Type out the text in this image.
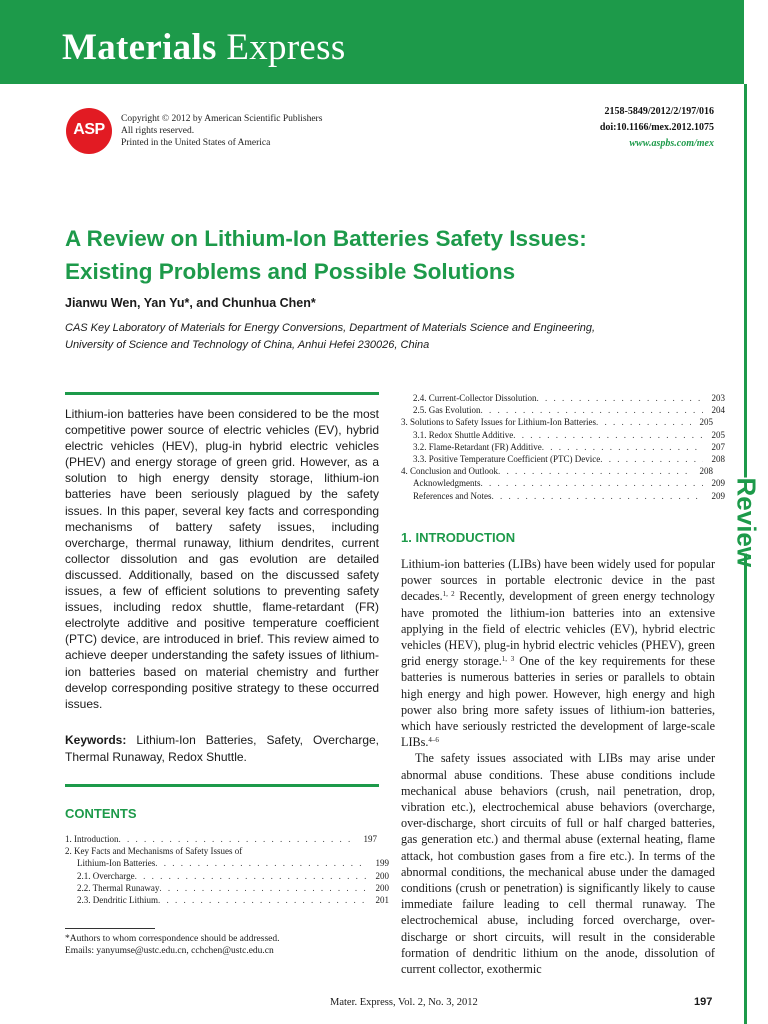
Materials Express
Review
ASP
Copyright © 2012 by American Scientific Publishers
All rights reserved.
Printed in the United States of America
2158-5849/2012/2/197/016
doi:10.1166/mex.2012.1075
www.aspbs.com/mex
A Review on Lithium-Ion Batteries Safety Issues:
Existing Problems and Possible Solutions
Jianwu Wen, Yan Yu*, and Chunhua Chen*
CAS Key Laboratory of Materials for Energy Conversions, Department of Materials Science and Engineering,
University of Science and Technology of China, Anhui Hefei 230026, China
Lithium-ion batteries have been considered to be the most competitive power source of electric vehicles (EV), hybrid electric vehicles (HEV), plug-in hybrid electric vehicles (PHEV) and energy storage of green grid. However, as a solution to high energy density storage, lithium-ion batteries have been seriously plagued by the safety issues. In this paper, several key facts and corresponding mechanisms of battery safety issues, including overcharge, thermal runaway, lithium dendrites, current collector dissolution and gas evolution are detailed discussed. Additionally, based on the discussed safety issues, a few of efficient solutions to preventing safety issues, including redox shuttle, flame-retardant (FR) electrolyte additive and positive temperature coefficient (PTC) device, are introduced in brief. This review aimed to achieve deeper understanding the safety issues of lithium-ion batteries based on material chemistry and further develop corresponding positive strategy to these occurred issues.
Keywords: Lithium-Ion Batteries, Safety, Overcharge, Thermal Runaway, Redox Shuttle.
CONTENTS
1. Introduction . . .	197
2. Key Facts and Mechanisms of Safety Issues of
Lithium-Ion Batteries . . .	199
2.1. Overcharge . . .	200
2.2. Thermal Runaway . . .	200
2.3. Dendritic Lithium . . .	201
2.4. Current-Collector Dissolution . . .	203
2.5. Gas Evolution . . .	204
3. Solutions to Safety Issues for Lithium-Ion Batteries . . .	205
3.1. Redox Shuttle Additive . . .	205
3.2. Flame-Retardant (FR) Additive . . .	207
3.3. Positive Temperature Coefficient (PTC) Device . . .	208
4. Conclusion and Outlook . . .	208
Acknowledgments . . .	209
References and Notes . . .	209
*Authors to whom correspondence should be addressed.
Emails: yanyumse@ustc.edu.cn, cchchen@ustc.edu.cn
1. INTRODUCTION

Lithium-ion batteries (LIBs) have been widely used for popular power sources in portable electronic device in the past decades.$^{1, 2}$ Recently, development of green energy technology have promoted the lithium-ion batteries into an extensive applying in the field of electric vehicles (EV), hybrid electric vehicles (HEV), plug-in hybrid electric vehicles (PHEV), green grid energy storage.$^{1, 3}$ One of the key requirements for these batteries is numerous batteries in series or parallels to obtain high energy and high power. However, high energy and high power also bring more safety issues of lithium-ion batteries, which have seriously restricted the development of large-scale LIBs.$^{4-6}$

The safety issues associated with LIBs may arise under abnormal abuse conditions. These abuse conditions include mechanical abuse behaviors (crush, nail penetration, drop, vibration etc.), electrochemical abuse behaviors (overcharge, over-discharge, short circuits of full or half charged batteries, gas generation etc.) and thermal abuse (external heating, flame attack, hot combustion gases from a fire etc.). In terms of the abnormal conditions, the mechanical abuse under the damaged conditions (crush or penetration) is significantly likely to cause immediate failure leading to cell thermal runaway. The electrochemical abuse, including forced overcharge, over-discharge or short circuits, will result in the considerable formation of dendritic lithium on the anode, dissolution of current collector, exothermic

Mater. Express, Vol. 2, No. 3, 2012	197
